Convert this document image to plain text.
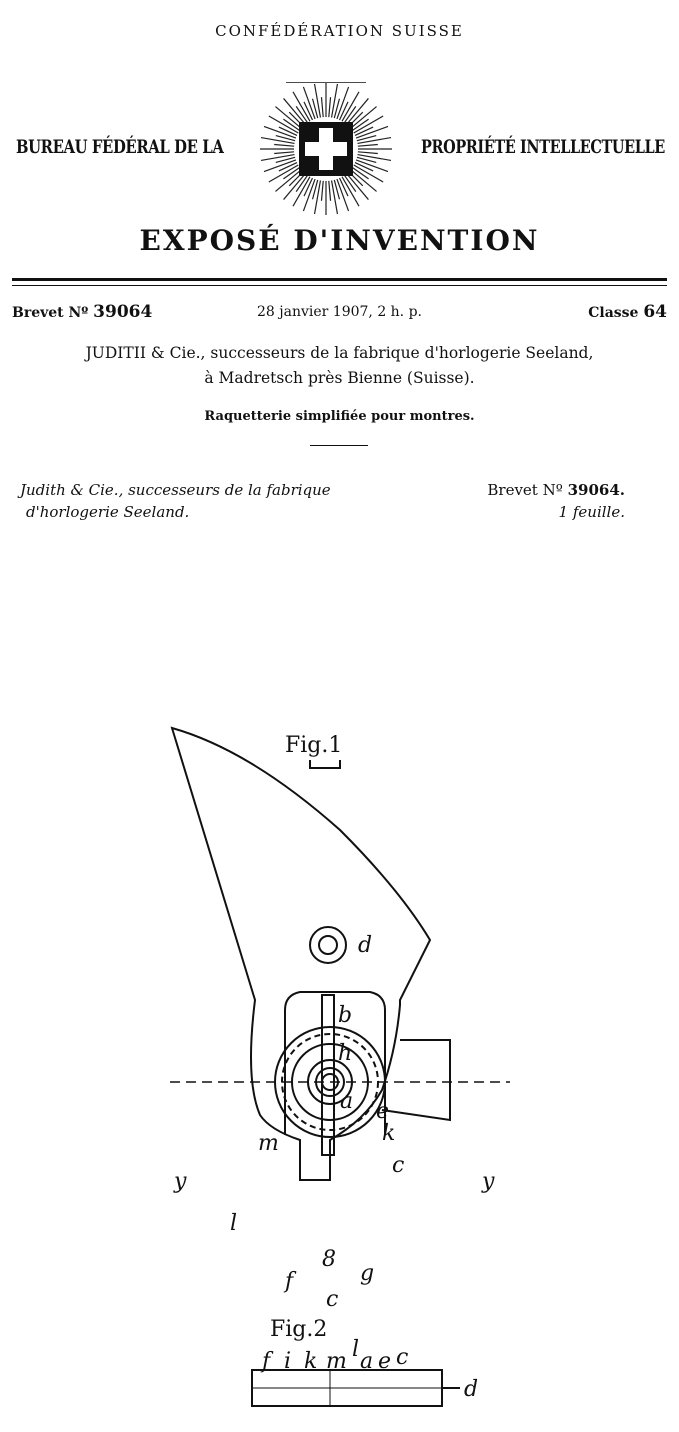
CONFÉDÉRATION SUISSE
BUREAU FÉDÉRAL DE LA	PROPRIÉTÉ INTELLECTUELLE
EXPOSÉ D'INVENTION
Brevet Nº 39064	28 janvier 1907, 2 h. p.	Classe 64
JUDITII & Cie., successeurs de la fabrique d'horlogerie Seeland,
à Madretsch près Bienne (Suisse).
Raquetterie simplifiée pour montres.
Judith & Cie., successeurs de la fabrique
d'horlogerie Seeland.
Brevet Nº 39064.
1 feuille.
Fig.1
d
b
h
a e
m	k
c
y	y
l
f
8
g
c
Fig.2
f i k m l a e c
d
